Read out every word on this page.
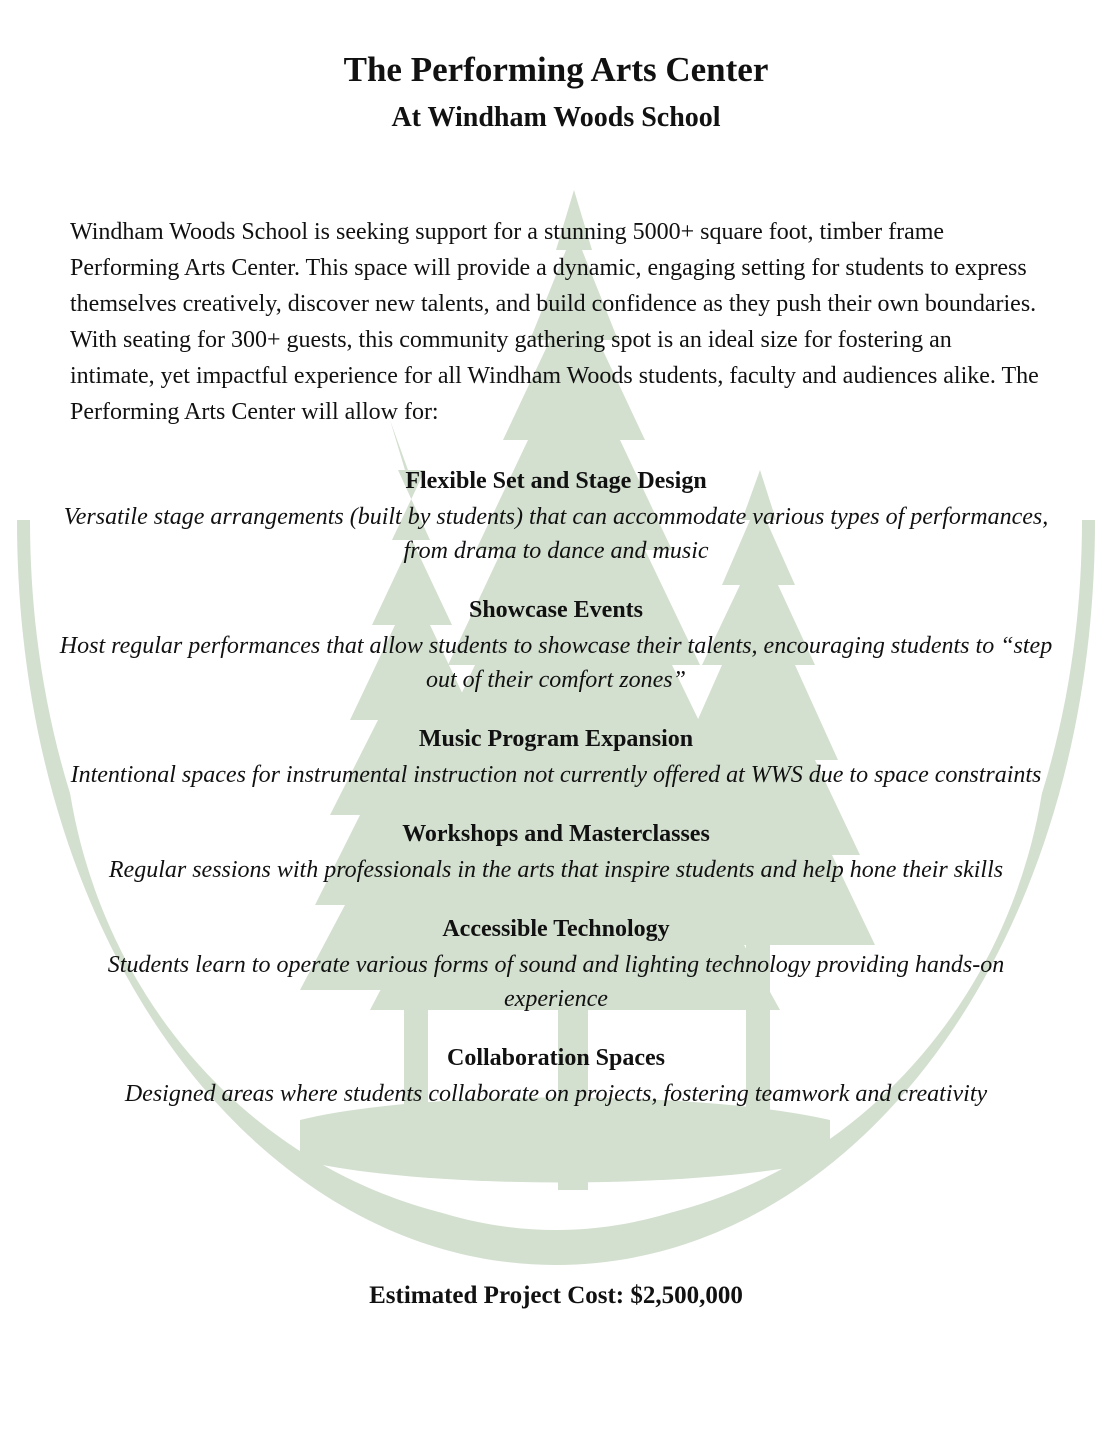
The Performing Arts Center
At Windham Woods School

Windham Woods School is seeking support for a stunning 5000+ square foot, timber frame Performing Arts Center. This space will provide a dynamic, engaging setting for students to express themselves creatively, discover new talents, and build confidence as they push their own boundaries. With seating for 300+ guests, this community gathering spot is an ideal size for fostering an intimate, yet impactful experience for all Windham Woods students, faculty and audiences alike. The Performing Arts Center will allow for:

Flexible Set and Stage Design
Versatile stage arrangements (built by students) that can accommodate various types of performances, from drama to dance and music
Showcase Events
Host regular performances that allow students to showcase their talents, encouraging students to “step out of their comfort zones”
Music Program Expansion
Intentional spaces for instrumental instruction not currently offered at WWS due to space constraints
Workshops and Masterclasses
Regular sessions with professionals in the arts that inspire students and help hone their skills
Accessible Technology
Students learn to operate various forms of sound and lighting technology providing hands-on experience
Collaboration Spaces
Designed areas where students collaborate on projects, fostering teamwork and creativity

Estimated Project Cost: $2,500,000
